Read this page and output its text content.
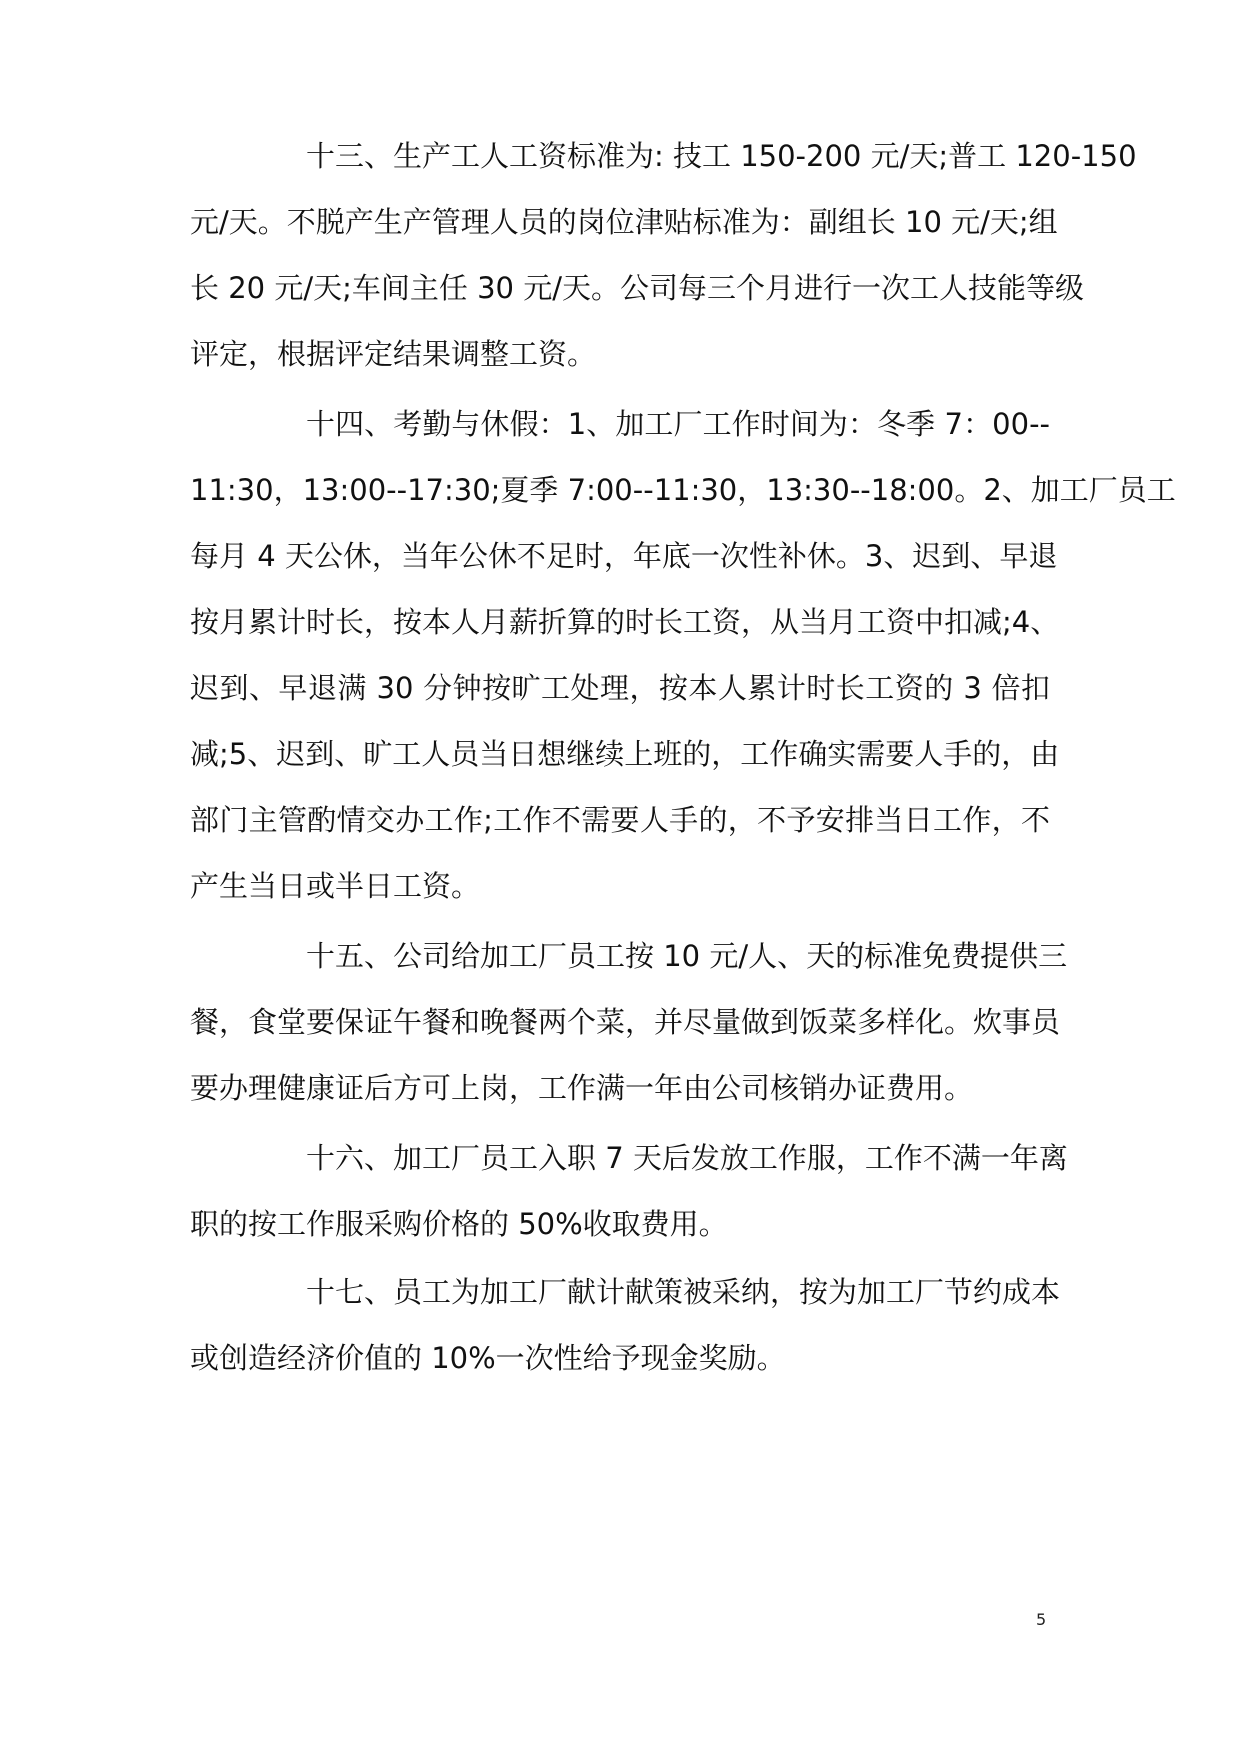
十三、生产工人工资标准为: 技工 150-200 元/天;普工 120-150
元/天。不脱产生产管理人员的岗位津贴标准为：副组长 10 元/天;组
长 20 元/天;车间主任 30 元/天。公司每三个月进行一次工人技能等级
评定，根据评定结果调整工资。
十四、考勤与休假：1、加工厂工作时间为：冬季 7：00--
11:30，13:00--17:30;夏季 7:00--11:30，13:30--18:00。2、加工厂员工
每月 4 天公休，当年公休不足时，年底一次性补休。3、迟到、早退
按月累计时长，按本人月薪折算的时长工资，从当月工资中扣减;4、
迟到、早退满 30 分钟按旷工处理，按本人累计时长工资的 3 倍扣
减;5、迟到、旷工人员当日想继续上班的，工作确实需要人手的，由
部门主管酌情交办工作;工作不需要人手的，不予安排当日工作，不
产生当日或半日工资。
十五、公司给加工厂员工按 10 元/人、天的标准免费提供三
餐，食堂要保证午餐和晚餐两个菜，并尽量做到饭菜多样化。炊事员
要办理健康证后方可上岗，工作满一年由公司核销办证费用。
十六、加工厂员工入职 7 天后发放工作服，工作不满一年离
职的按工作服采购价格的 50%收取费用。
十七、员工为加工厂献计献策被采纳，按为加工厂节约成本
或创造经济价值的 10%一次性给予现金奖励。
5
